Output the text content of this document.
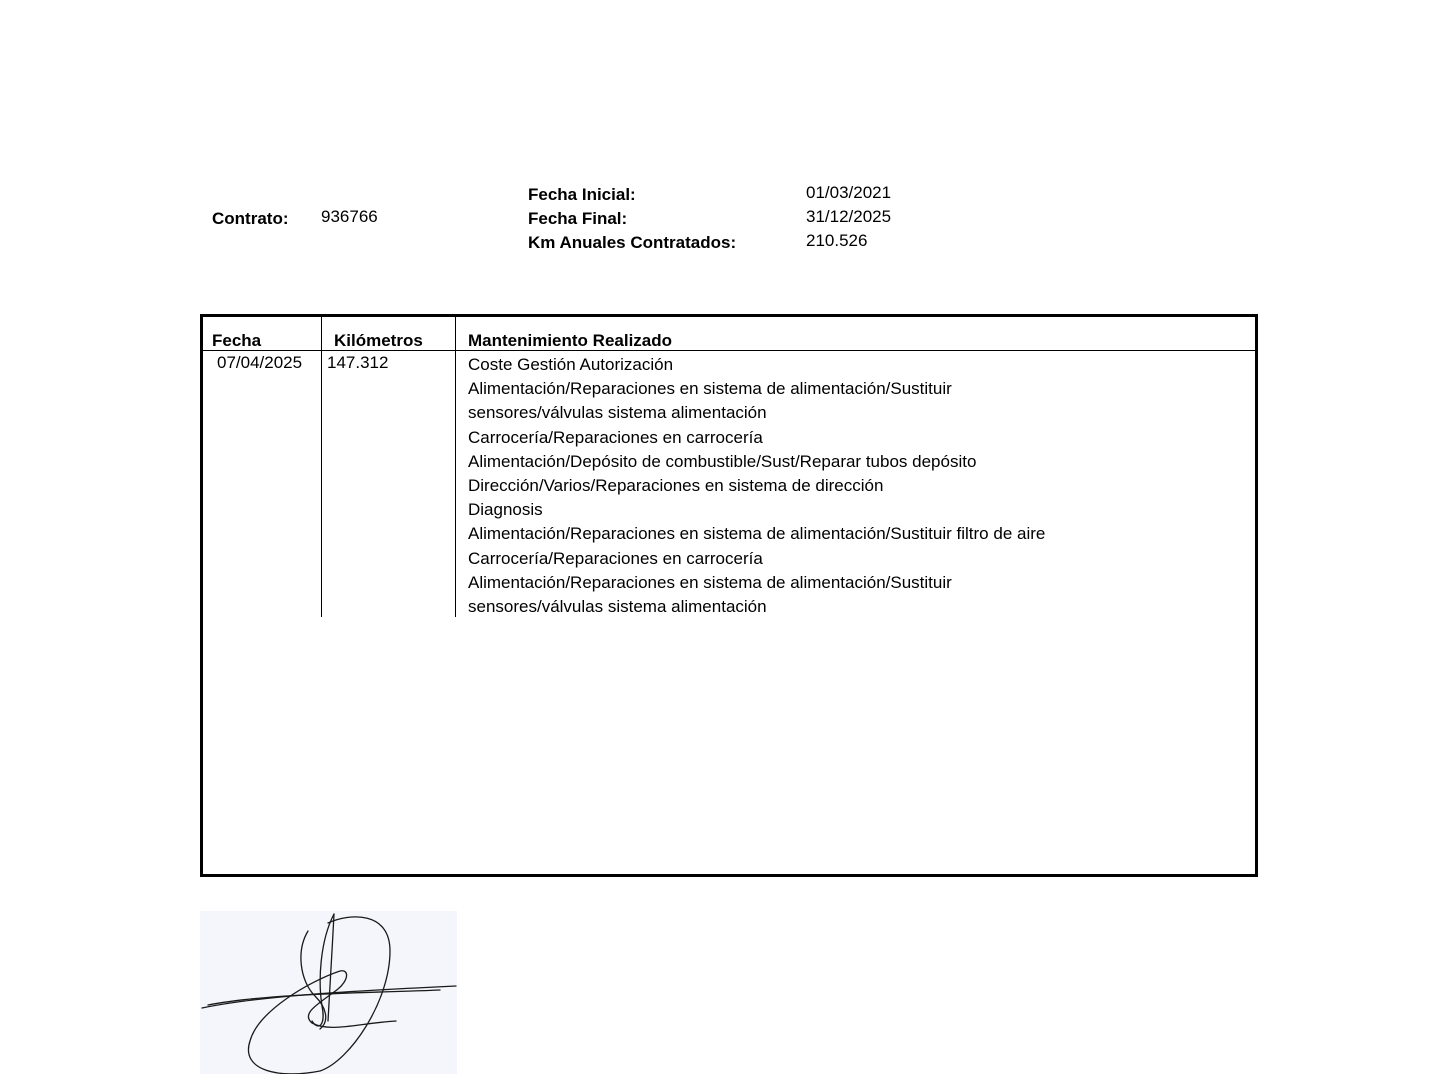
Contrato: 936766
Fecha Inicial:	01/03/2021
Fecha Final:	31/12/2025
Km Anuales Contratados:	210.526
Fecha	Kilómetros	Mantenimiento Realizado
07/04/2025 147.312	Coste Gestión Autorización
Alimentación/Reparaciones en sistema de alimentación/Sustituir
sensores/válvulas sistema alimentación
Carrocería/Reparaciones en carrocería
Alimentación/Depósito de combustible/Sust/Reparar tubos depósito
Dirección/Varios/Reparaciones en sistema de dirección
Diagnosis
Alimentación/Reparaciones en sistema de alimentación/Sustituir filtro de aire
Carrocería/Reparaciones en carrocería
Alimentación/Reparaciones en sistema de alimentación/Sustituir
sensores/válvulas sistema alimentación
